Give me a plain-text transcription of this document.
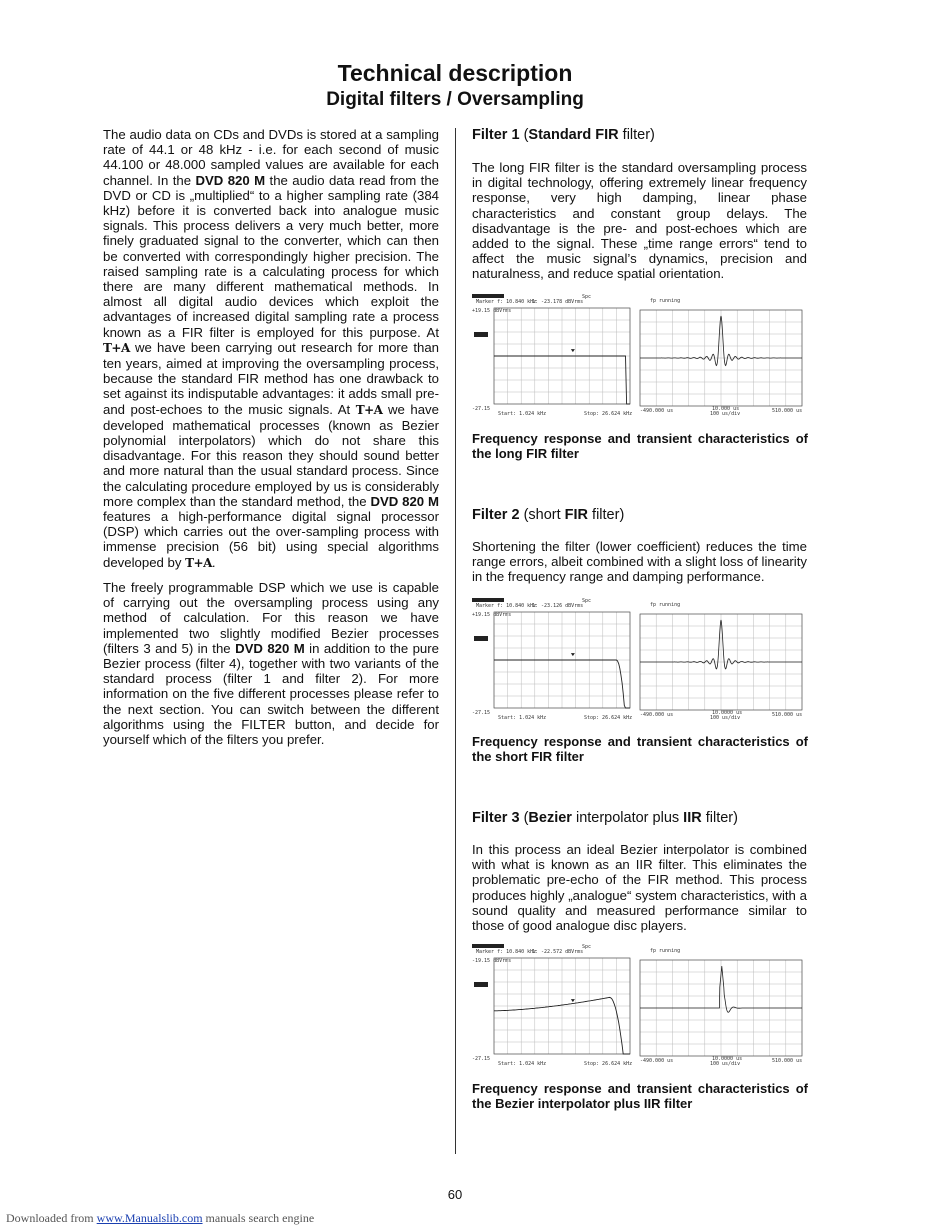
Technical description
Digital filters / Oversampling

The audio data on CDs and DVDs is stored at a sampling rate of 44.1 or 48 kHz - i.e. for each second of music 44.100 or 48.000 sampled values are available for each channel. In the DVD 820 M the audio data read from the DVD or CD is „multiplied“ to a higher sampling rate (384 kHz) before it is converted back into analogue music signals. This process delivers a very much better, more finely graduated signal to the converter, which can then be converted with correspondingly higher precision. The raised sampling rate is a calculating process for which there are many different mathematical methods. In almost all digital audio devices which exploit the advantages of increased digital sampling rate a process known as a FIR filter is employed for this purpose. At T+A we have been carrying out research for more than ten years, aimed at improving the oversampling process, because the standard FIR method has one drawback to set against its indisputable advantages: it adds small pre- and post-echoes to the music signals. At T+A we have developed mathematical processes (known as Bezier polynomial interpolators) which do not share this disadvantage. For this reason they should sound better and more natural than the usual standard process. Since the calculating procedure employed by us is considerably more complex than the standard method, the DVD 820 M features a high-performance digital signal processor (DSP) which carries out the over-sampling process with immense precision (56 bit) using special algorithms developed by T+A.

The freely programmable DSP which we use is capable of carrying out the oversampling process using any method of calculation. For this reason we have implemented two slightly modified Bezier processes (filters 3 and 5) in the DVD 820 M in addition to the pure Bezier process (filter 4), together with two variants of the standard process (filter 1 and filter 2). For more information on the five different processes please refer to the next section. You can switch between the different algorithms using the FILTER button, and decide for yourself which of the filters you prefer.

Filter 1 (Standard FIR filter)
The long FIR filter is the standard oversampling process in digital technology, offering extremely linear frequency response, very high damping, linear phase characteristics and constant group delays. The disadvantage is the pre- and post-echoes which are added to the signal. These „time range errors“ tend to affect the music signal’s dynamics, precision and naturalness, and reduce spatial orientation.
Marker f: 10.840 kHz
1: -23.178 dBVrms
Spc
+19.15 dBVrms
-27.15
Start: 1.024 kHz	Stop: 26.624 kHz
fp running
-490.000 us	10.000 us
100 us/div	510.000 us
Frequency response and transient characteristics of the long FIR filter
Filter 2 (short FIR filter)
Shortening the filter (lower coefficient) reduces the time range errors, albeit combined with a slight loss of linearity in the frequency range and damping performance.
Marker f: 10.840 kHz
1: -23.126 dBVrms
Spc
+19.15 dBVrms
-27.15
Start: 1.024 kHz	Stop: 26.624 kHz
fp running
-490.000 us	10.0000 us
100 us/div	510.000 us
Frequency response and transient characteristics of the short FIR filter
Filter 3 (Bezier interpolator plus IIR filter)
In this process an ideal Bezier interpolator is combined with what is known as an IIR filter. This eliminates the problematic pre-echo of the FIR method. This process produces highly „analogue“ system characteristics, with a sound quality and measured performance similar to those of good analogue disc players.
Marker f: 10.840 kHz
1: -22.572 dBVrms
Spc
-19.15 dBVrms
-27.15
Start: 1.024 kHz	Stop: 26.624 kHz
fp running
-490.000 us	10.0000 us
100 us/div	510.000 us
Frequency response and transient characteristics of the Bezier interpolator plus IIR filter
60
Downloaded from www.Manualslib.com manuals search engine
